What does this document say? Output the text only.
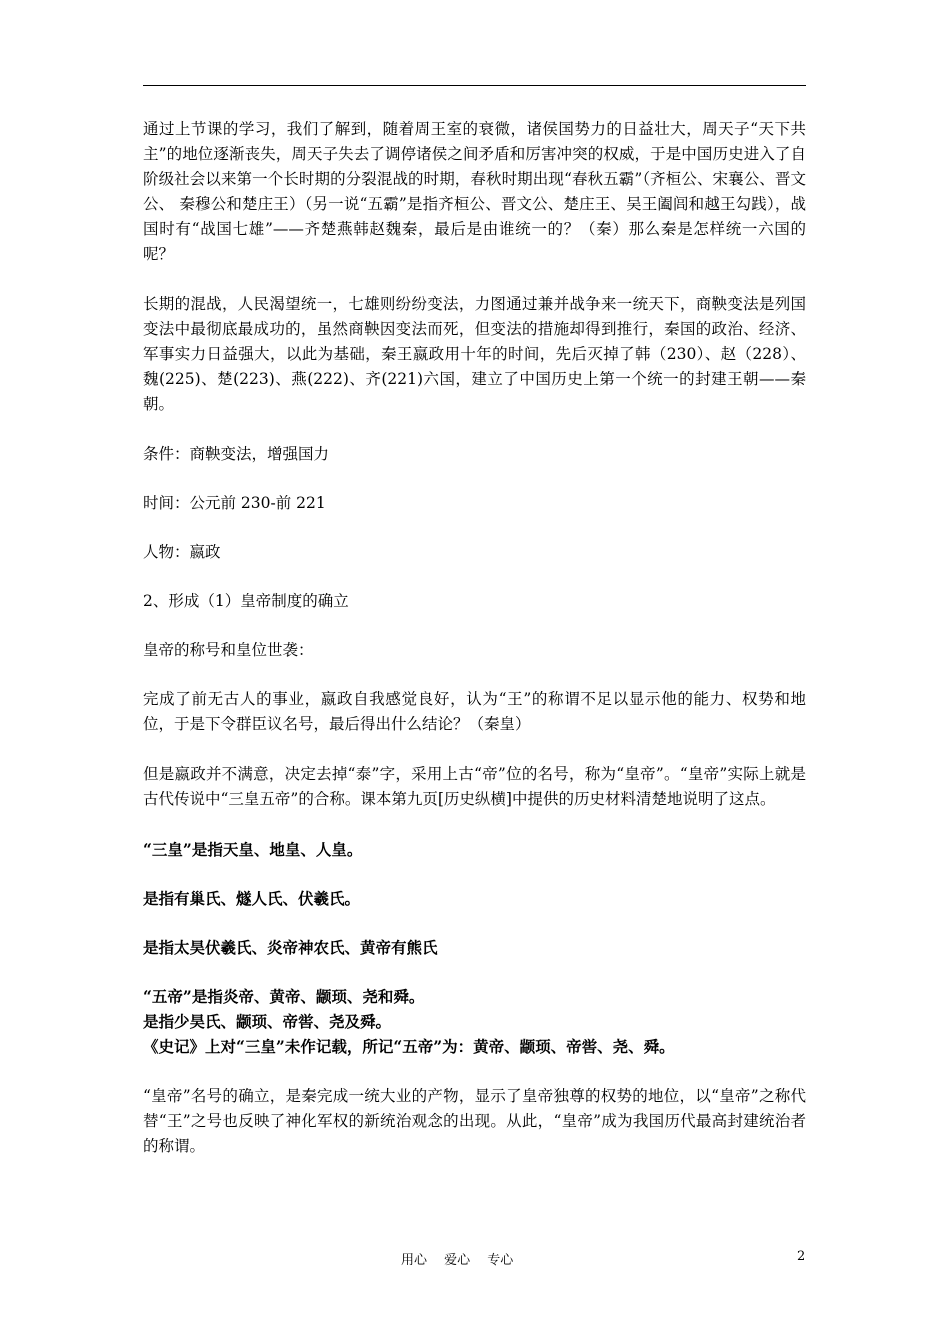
通过上节课的学习，我们了解到，随着周王室的衰微，诸侯国势力的日益壮大，周天子“天下共主”的地位逐渐丧失，周天子失去了调停诸侯之间矛盾和厉害冲突的权威，于是中国历史进入了自阶级社会以来第一个长时期的分裂混战的时期，春秋时期出现“春秋五霸”（齐桓公、宋襄公、晋文公、 秦穆公和楚庄王）（另一说“五霸”是指齐桓公、晋文公、楚庄王、吴王阖闾和越王勾践），战国时有“战国七雄”——齐楚燕韩赵魏秦，最后是由谁统一的？（秦）那么秦是怎样统一六国的呢？

长期的混战，人民渴望统一，七雄则纷纷变法，力图通过兼并战争来一统天下，商鞅变法是列国变法中最彻底最成功的，虽然商鞅因变法而死，但变法的措施却得到推行，秦国的政治、经济、军事实力日益强大，以此为基础，秦王嬴政用十年的时间，先后灭掉了韩（230）、赵（228）、魏(225)、楚(223)、燕(222)、齐(221)六国，建立了中国历史上第一个统一的封建王朝——秦朝。

条件：商鞅变法，增强国力

时间：公元前 230-前 221

人物：嬴政

2、形成（1）皇帝制度的确立

皇帝的称号和皇位世袭：

完成了前无古人的事业，嬴政自我感觉良好，认为“王”的称谓不足以显示他的能力、权势和地位，于是下令群臣议名号，最后得出什么结论？（秦皇）

但是嬴政并不满意，决定去掉“泰”字，采用上古“帝”位的名号，称为“皇帝”。“皇帝”实际上就是古代传说中“三皇五帝”的合称。课本第九页[历史纵横]中提供的历史材料清楚地说明了这点。

“三皇”是指天皇、地皇、人皇。

是指有巢氏、燧人氏、伏羲氏。

是指太昊伏羲氏、炎帝神农氏、黄帝有熊氏

“五帝”是指炎帝、黄帝、颛顼、尧和舜。

是指少昊氏、颛顼、帝喾、尧及舜。

《史记》上对“三皇”未作记载，所记“五帝”为：黄帝、颛顼、帝喾、尧、舜。

“皇帝”名号的确立，是秦完成一统大业的产物，显示了皇帝独尊的权势的地位，以“皇帝”之称代替“王”之号也反映了神化军权的新统治观念的出现。从此，“皇帝”成为我国历代最高封建统治者的称谓。

用心　 爱心　 专心	2
